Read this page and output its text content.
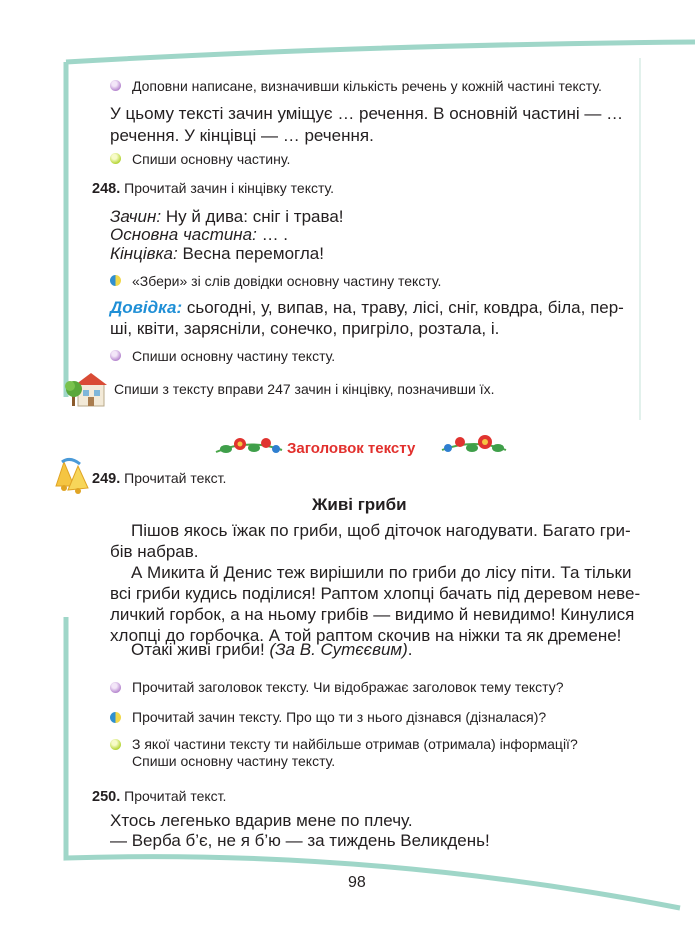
Доповни написане, визначивши кількість речень у кожній частині тексту.
У цьому тексті зачин уміщує … речення. В основній частині — …
речення. У кінцівці — … речення.
Спиши основну частину.
248. Прочитай зачин і кінцівку тексту.
Зачин: Ну й дива: сніг і трава!
Основна частина: … .
Кінцівка: Весна перемогла!
«Збери» зі слів довідки основну частину тексту.
Довідка: сьогодні, у, випав, на, траву, лісі, сніг, ковдра, біла, пер-
ші, квіти, зарясніли, сонечко, пригріло, розтала, і.
Спиши основну частину тексту.
Спиши з тексту вправи 247 зачин і кінцівку, позначивши їх.
Заголовок тексту
249. Прочитай текст.
Живі гриби
Пішов якось їжак по гриби, щоб діточок нагодувати. Багато гри-
бів набрав.
А Микита й Денис теж вирішили по гриби до лісу піти. Та тільки
всі гриби кудись поділися! Раптом хлопці бачать під деревом неве-
личкий горбок, а на ньому грибів — видимо й невидимо! Кинулися
хлопці до горбочка. А той раптом скочив на ніжки та як дремене!
Отакі живі гриби! (За В. Сутєєвим).
Прочитай заголовок тексту. Чи відображає заголовок тему тексту?
Прочитай зачин тексту. Про що ти з нього дізнався (дізналася)?
З якої частини тексту ти найбільше отримав (отримала) інформації?
Спиши основну частину тексту.
250. Прочитай текст.
Хтось легенько вдарив мене по плечу.
— Верба б’є, не я б’ю — за тиждень Великдень!
98
